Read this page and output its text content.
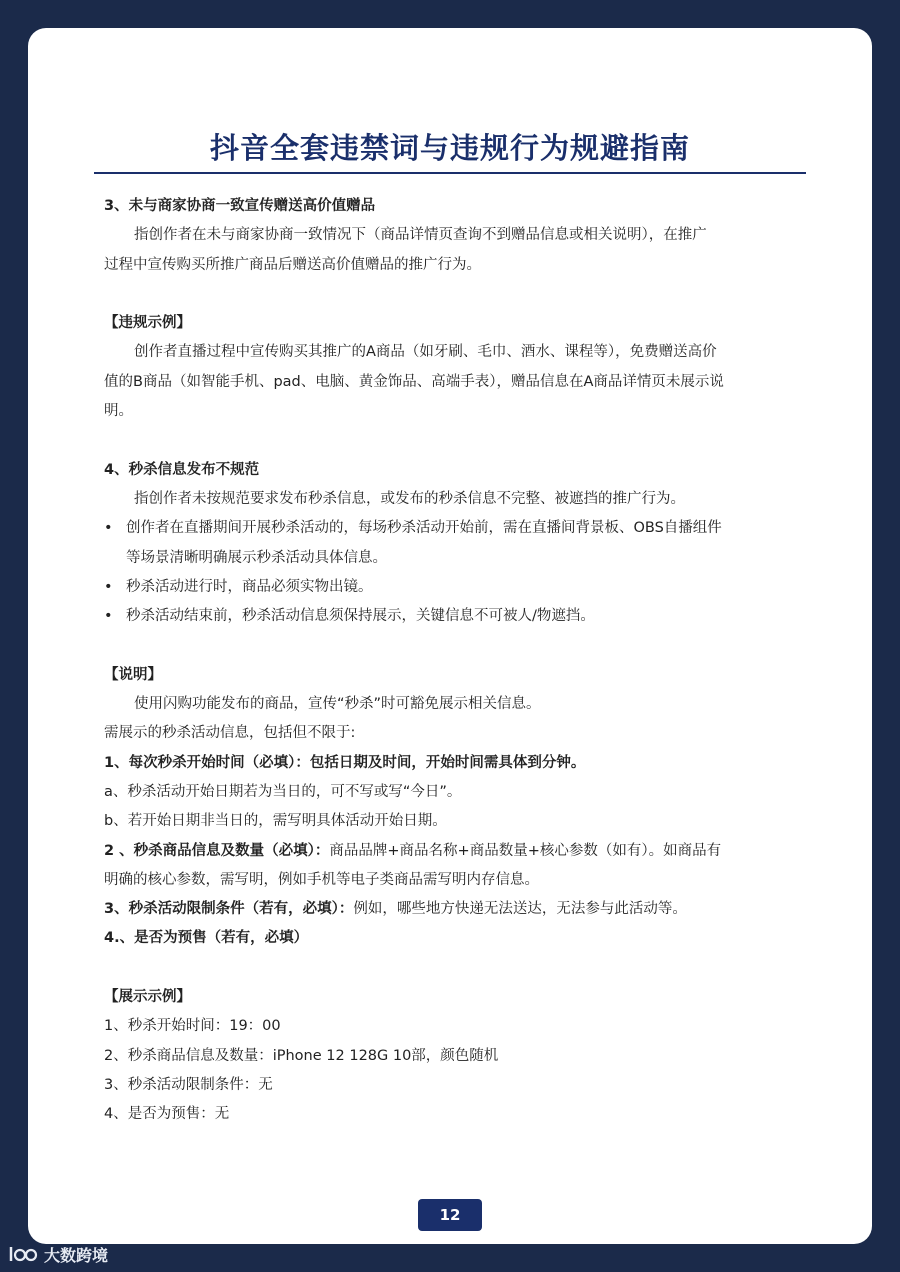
抖音全套违禁词与违规行为规避指南
3、未与商家协商一致宣传赠送高价值赠品
指创作者在未与商家协商一致情况下（商品详情页查询不到赠品信息或相关说明），在推广
过程中宣传购买所推广商品后赠送高价值赠品的推广行为。
【违规示例】
创作者直播过程中宣传购买其推广的A商品（如牙刷、毛巾、酒水、课程等），免费赠送高价
值的B商品（如智能手机、pad、电脑、黄金饰品、高端手表），赠品信息在A商品详情页未展示说
明。
4、秒杀信息发布不规范
指创作者未按规范要求发布秒杀信息，或发布的秒杀信息不完整、被遮挡的推广行为。
• 创作者在直播期间开展秒杀活动的，每场秒杀活动开始前，需在直播间背景板、OBS自播组件
等场景清晰明确展示秒杀活动具体信息。
• 秒杀活动进行时，商品必须实物出镜。
• 秒杀活动结束前，秒杀活动信息须保持展示，关键信息不可被人/物遮挡。
【说明】
使用闪购功能发布的商品，宣传“秒杀”时可豁免展示相关信息。
需展示的秒杀活动信息，包括但不限于:
1、每次秒杀开始时间（必填）：包括日期及时间，开始时间需具体到分钟。
a、秒杀活动开始日期若为当日的，可不写或写“今日”。
b、若开始日期非当日的，需写明具体活动开始日期。
2 、秒杀商品信息及数量（必填）：商品品牌+商品名称+商品数量+核心参数（如有）。如商品有
明确的核心参数，需写明，例如手机等电子类商品需写明内存信息。
3、秒杀活动限制条件（若有，必填）：例如，哪些地方快递无法送达，无法参与此活动等。
4.、是否为预售（若有，必填）
【展示示例】
1、秒杀开始时间：19：00
2、秒杀商品信息及数量：iPhone 12 128G 10部，颜色随机
3、秒杀活动限制条件：无
4、是否为预售：无
12
大数跨境
